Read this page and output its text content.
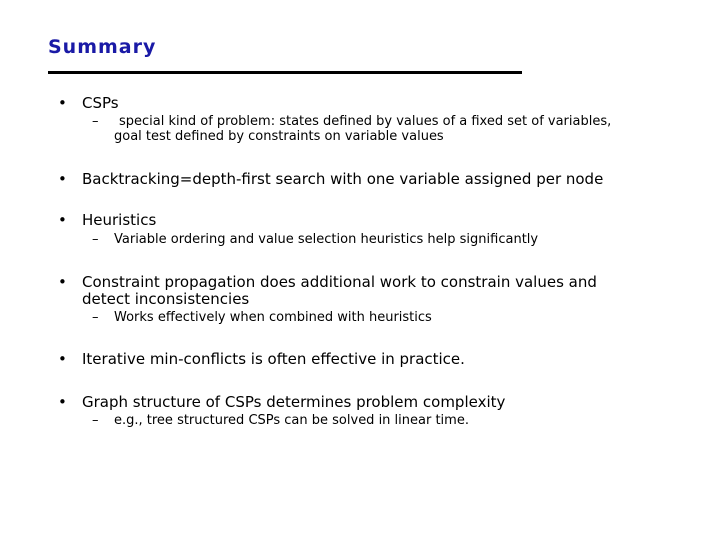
Summary
• CSPs
– special kind of problem: states defined by values of a fixed set of variables,
goal test defined by constraints on variable values
• Backtracking=depth-first search with one variable assigned per node
• Heuristics
– Variable ordering and value selection heuristics help significantly
• Constraint propagation does additional work to constrain values and
detect inconsistencies
– Works effectively when combined with heuristics
• Iterative min-conflicts is often effective in practice.
• Graph structure of CSPs determines problem complexity
– e.g., tree structured CSPs can be solved in linear time.
